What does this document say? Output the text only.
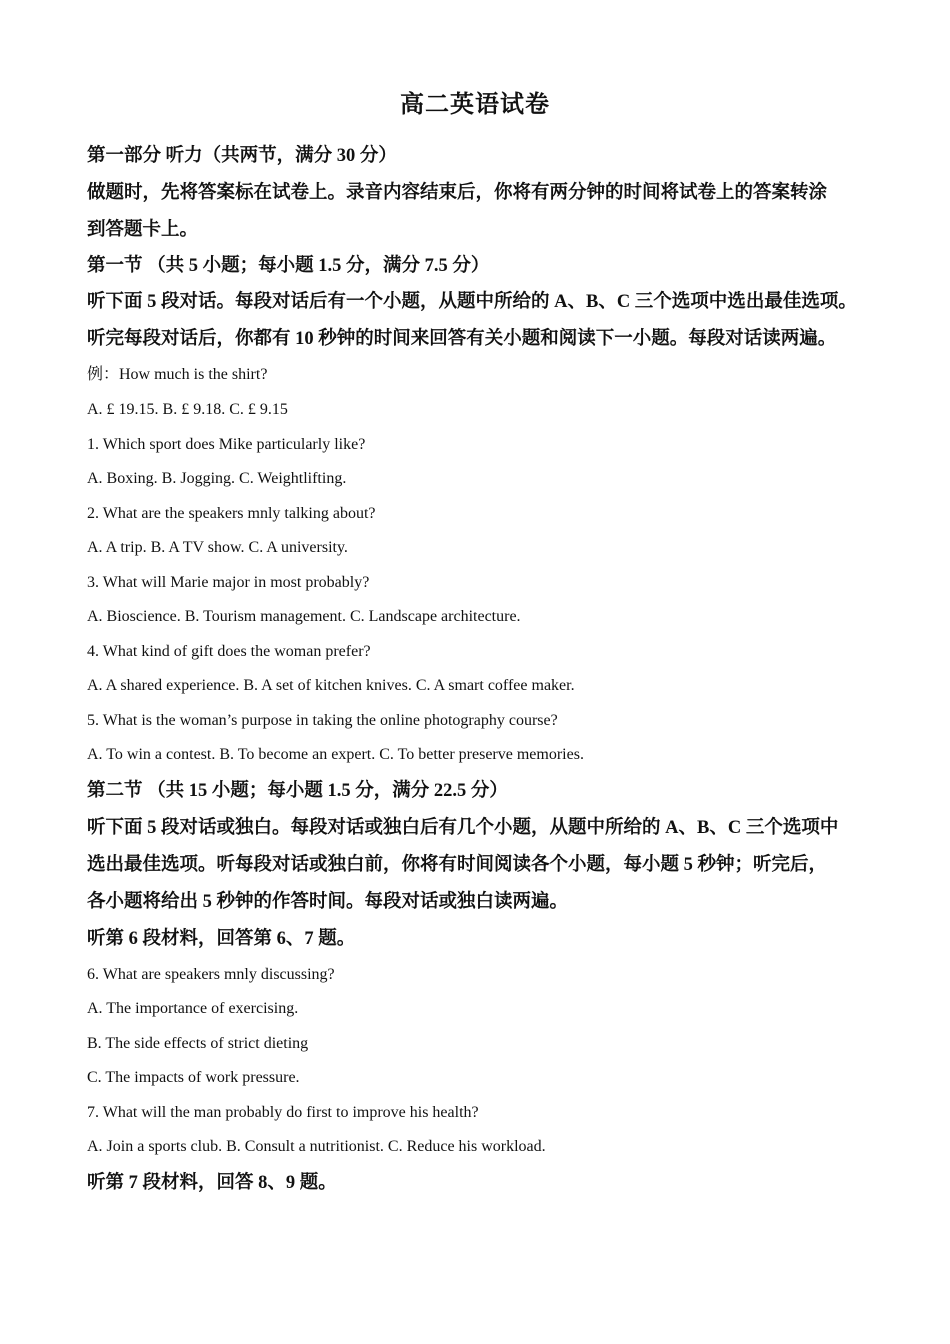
高二英语试卷
第一部分 听力（共两节，满分 30 分）
做题时，先将答案标在试卷上。录音内容结束后，你将有两分钟的时间将试卷上的答案转涂
到答题卡上。
第一节 （共 5 小题；每小题 1.5 分，满分 7.5 分）
听下面 5 段对话。每段对话后有一个小题，从题中所给的 A、B、C 三个选项中选出最佳选项。
听完每段对话后，你都有 10 秒钟的时间来回答有关小题和阅读下一小题。每段对话读两遍。
例：How much is the shirt?
A. £ 19.15. B. £ 9.18. C. £ 9.15
1. Which sport does Mike particularly like?
A. Boxing. B. Jogging. C. Weightlifting.
2. What are the speakers mnly talking about?
A. A trip. B. A TV show. C. A university.
3. What will Marie major in most probably?
A. Bioscience. B. Tourism management. C. Landscape architecture.
4. What kind of gift does the woman prefer?
A. A shared experience. B. A set of kitchen knives. C. A smart coffee maker.
5. What is the woman’s purpose in taking the online photography course?
A. To win a contest. B. To become an expert. C. To better preserve memories.
第二节 （共 15 小题；每小题 1.5 分，满分 22.5 分）
听下面 5 段对话或独白。每段对话或独白后有几个小题，从题中所给的 A、B、C 三个选项中
选出最佳选项。听每段对话或独白前，你将有时间阅读各个小题，每小题 5 秒钟；听完后，
各小题将给出 5 秒钟的作答时间。每段对话或独白读两遍。
听第 6 段材料，回答第 6、7 题。
6. What are speakers mnly discussing?
A. The importance of exercising.
B. The side effects of strict dieting
C. The impacts of work pressure.
7. What will the man probably do first to improve his health?
A. Join a sports club. B. Consult a nutritionist. C. Reduce his workload.
听第 7 段材料，回答 8、9 题。
